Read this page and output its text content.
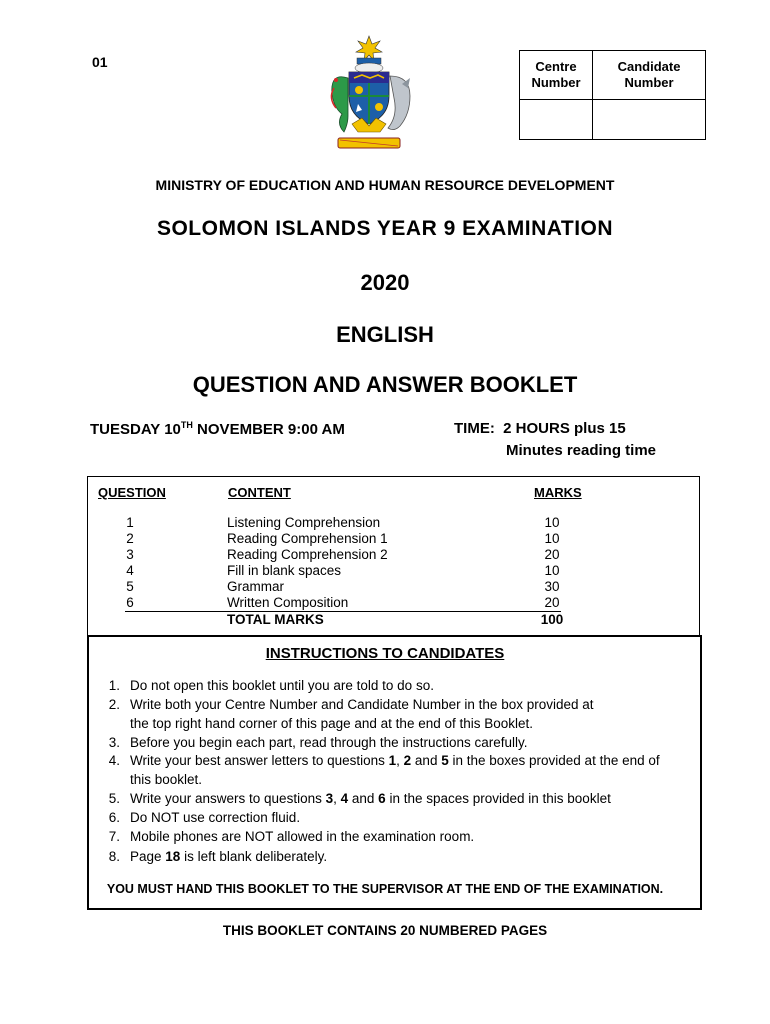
01	Centre
Number	Candidate
Number

MINISTRY OF EDUCATION AND HUMAN RESOURCE DEVELOPMENT
SOLOMON ISLANDS YEAR 9 EXAMINATION
2020
ENGLISH
QUESTION AND ANSWER BOOKLET
TUESDAY 10TH NOVEMBER 9:00 AM	TIME:  2 HOURS plus 15
Minutes reading time
QUESTION	CONTENT	MARKS
1	Listening Comprehension	10
2	Reading Comprehension 1	10
3	Reading Comprehension 2	20
4	Fill in blank spaces	10
5	Grammar	30
6	Written Composition	20
TOTAL MARKS	100
INSTRUCTIONS TO CANDIDATES
1. Do not open this booklet until you are told to do so.
2. Write both your Centre Number and Candidate Number in the box provided at
the top right hand corner of this page and at the end of this Booklet.
3. Before you begin each part, read through the instructions carefully.
4. Write your best answer letters to questions 1, 2 and 5 in the boxes provided at the end of
this booklet.
5. Write your answers to questions 3, 4 and 6 in the spaces provided in this booklet
6. Do NOT use correction fluid.
7. Mobile phones are NOT allowed in the examination room.
8. Page 18 is left blank deliberately.
YOU MUST HAND THIS BOOKLET TO THE SUPERVISOR AT THE END OF THE EXAMINATION.
THIS BOOKLET CONTAINS 20 NUMBERED PAGES
